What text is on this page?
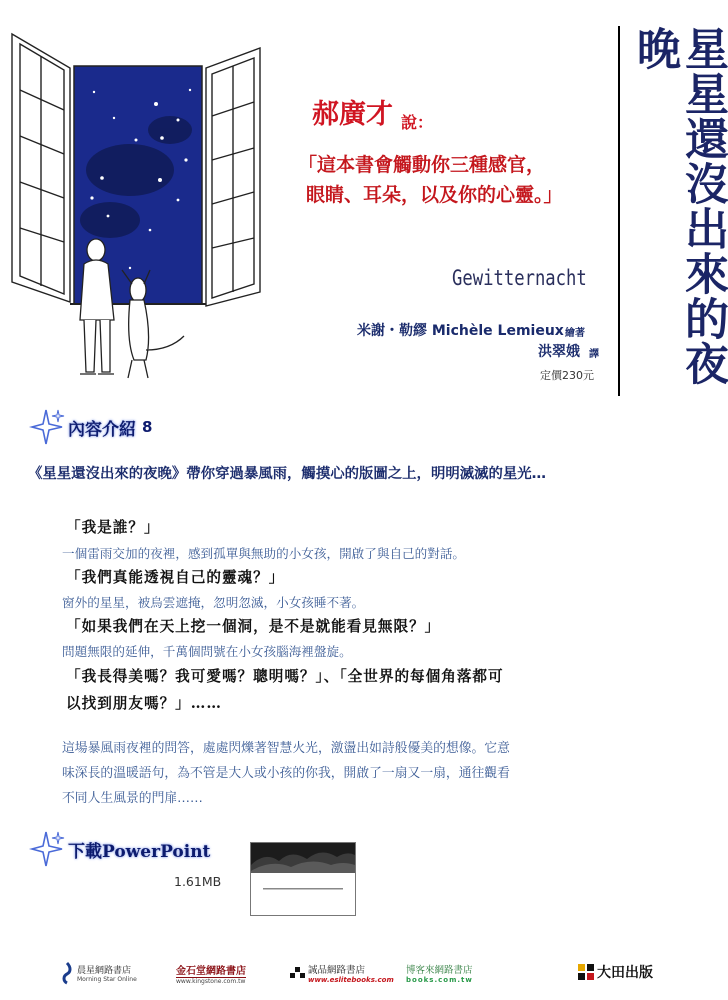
星星還沒出來的夜晚
郝廣才 說：
「這本書會觸動你三種感官，
眼睛、耳朵，以及你的心靈。」
Gewitternacht
米謝・勒繆 Michèle Lemieux 繪著
洪翠娥 譯
定價230元
內容介紹 8
《星星還沒出來的夜晚》帶你穿過暴風雨，觸摸心的版圖之上，明明滅滅的星光…
「我是誰？」
一個雷雨交加的夜裡，感到孤單與無助的小女孩，開啟了與自己的對話。
「我們真能透視自己的靈魂？」
窗外的星星，被烏雲遮掩，忽明忽滅，小女孩睡不著。
「如果我們在天上挖一個洞，是不是就能看見無限？」
問題無限的延伸，千萬個問號在小女孩腦海裡盤旋。
「我長得美嗎？我可愛嗎？聰明嗎？」、「全世界的每個角落都可
以找到朋友嗎？」……

這場暴風雨夜裡的問答，處處閃爍著智慧火光，激盪出如詩般優美的想像。它意

味深長的溫暖語句，為不管是大人或小孩的你我，開啟了一扇又一扇，通往觀看

不同人生風景的門扉……

下載PowerPoint
1.61MB
晨星網路書店
Morning Star Online
金石堂網路書店
www.kingstone.com.tw
誠品網路書店
www.eslitebooks.com
博客來網路書店
books.com.tw	大田出版
